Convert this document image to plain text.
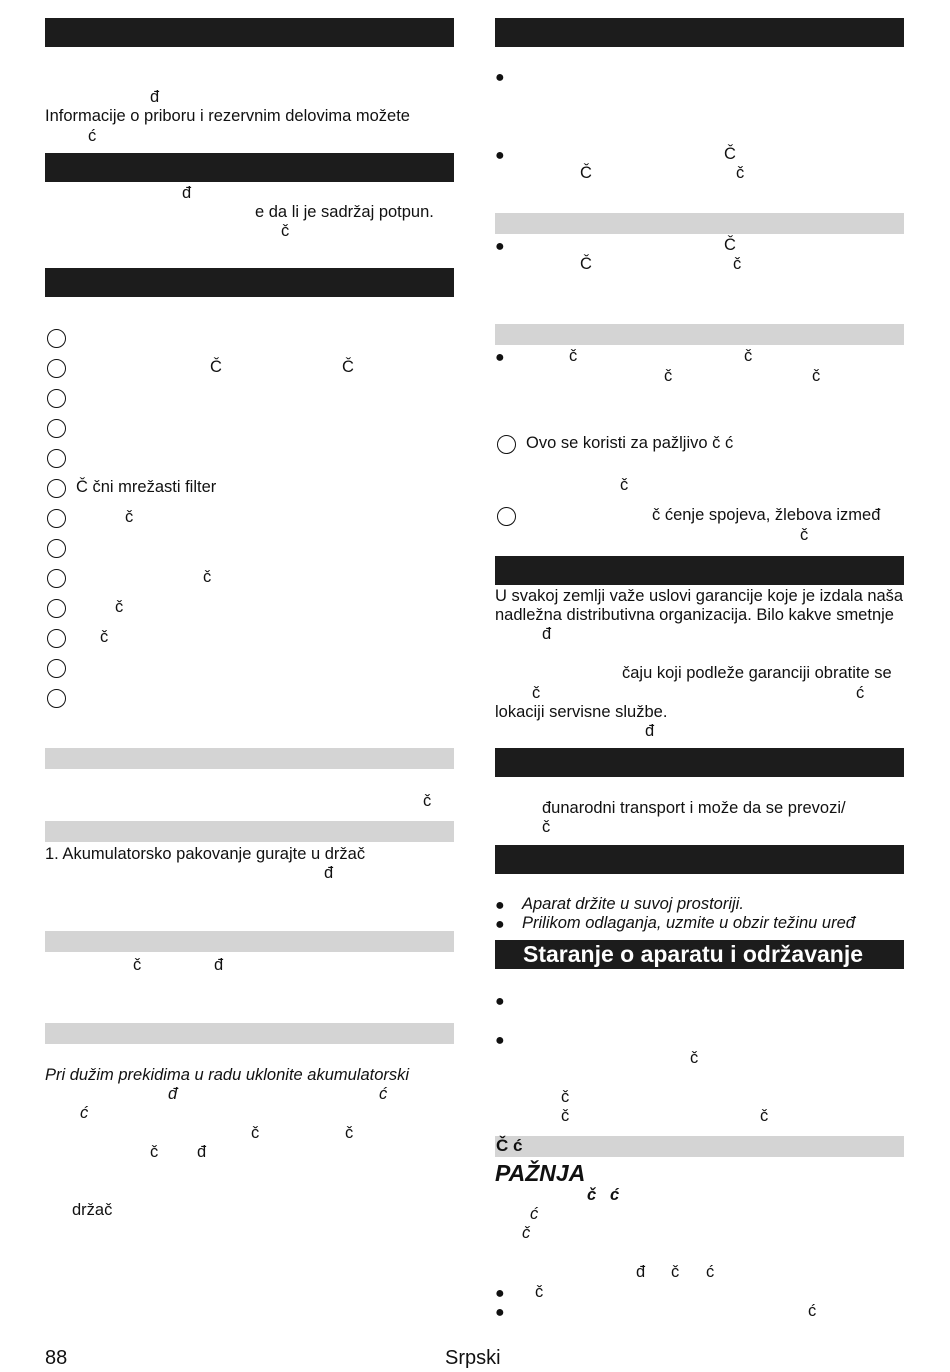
đ
Informacije o priboru i rezervnim delovima možete
ć
đ
e da li je sadržaj potpun.
č
Č	Č
Č čni mrežasti filter
č
č
č
č
č
1. Akumulatorsko pakovanje gurajte u držač
đ
č	đ
Pri dužim prekidima u radu uklonite akumulatorski
đ	ć
ć
č	č
č đ
držač
●
●	Č
Č	č
●	Č
Č	č
●	č	č
č	č
Ovo se koristi za pažljivo č ć
č
č ćenje spojeva, žlebova izmeđ
č
U svakoj zemlji važe uslovi garancije koje je izdala naša
nadležna distributivna organizacija. Bilo kakve smetnje
đ
čaju koji podleže garanciji obratite se
č	ć
lokaciji servisne službe.
đ
đunarodni transport i može da se prevozi/
č
● Aparat držite u suvoj prostoriji.
● Prilikom odlaganja, uzmite u obzir težinu uređ
Staranje o aparatu i održavanje
●
●
č
č
č	č
Č ć
PAŽNJA
č ć
ć
č
đ č ć
● č
●	ć
88	Srpski
